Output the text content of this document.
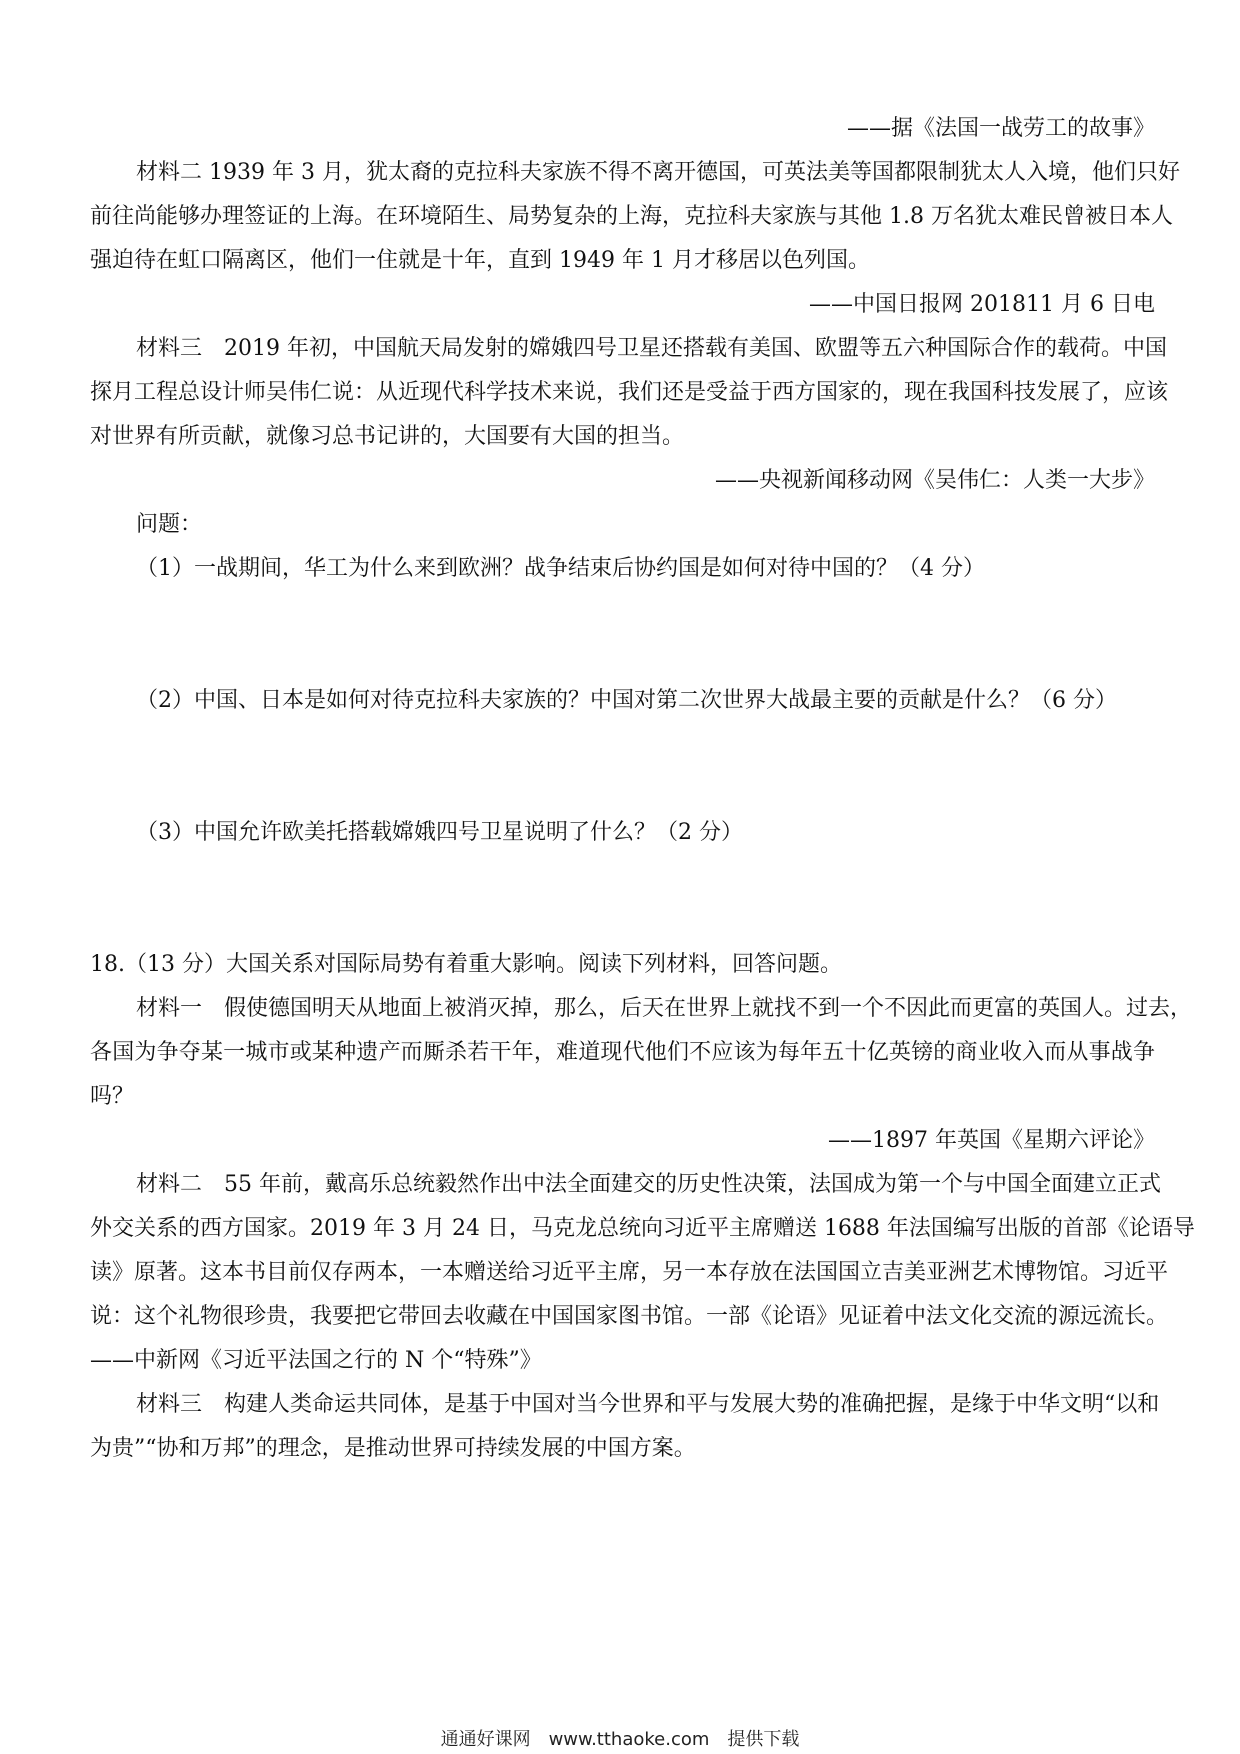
——据《法国一战劳工的故事》
材料二 1939 年 3 月，犹太裔的克拉科夫家族不得不离开德国，可英法美等国都限制犹太人入境，他们只好
前往尚能够办理签证的上海。在环境陌生、局势复杂的上海，克拉科夫家族与其他 1.8 万名犹太难民曾被日本人
强迫待在虹口隔离区，他们一住就是十年，直到 1949 年 1 月才移居以色列国。
——中国日报网 201811 月 6 日电
材料三　2019 年初，中国航天局发射的嫦娥四号卫星还搭载有美国、欧盟等五六种国际合作的载荷。中国
探月工程总设计师吴伟仁说：从近现代科学技术来说，我们还是受益于西方国家的，现在我国科技发展了，应该
对世界有所贡献，就像习总书记讲的，大国要有大国的担当。
——央视新闻移动网《吴伟仁：人类一大步》
问题：
（1）一战期间，华工为什么来到欧洲？战争结束后协约国是如何对待中国的？（4 分）
（2）中国、日本是如何对待克拉科夫家族的？中国对第二次世界大战最主要的贡献是什么？（6 分）
（3）中国允许欧美托搭载嫦娥四号卫星说明了什么？（2 分）
18.（13 分）大国关系对国际局势有着重大影响。阅读下列材料，回答问题。
材料一　假使德国明天从地面上被消灭掉，那么，后天在世界上就找不到一个不因此而更富的英国人。过去，
各国为争夺某一城市或某种遗产而厮杀若干年，难道现代他们不应该为每年五十亿英镑的商业收入而从事战争
吗？
——1897 年英国《星期六评论》
材料二　55 年前，戴高乐总统毅然作出中法全面建交的历史性决策，法国成为第一个与中国全面建立正式
外交关系的西方国家。2019 年 3 月 24 日，马克龙总统向习近平主席赠送 1688 年法国编写出版的首部《论语导
读》原著。这本书目前仅存两本，一本赠送给习近平主席，另一本存放在法国国立吉美亚洲艺术博物馆。习近平
说：这个礼物很珍贵，我要把它带回去收藏在中国国家图书馆。一部《论语》见证着中法文化交流的源远流长。
——中新网《习近平法国之行的 N 个“特殊”》
材料三　构建人类命运共同体，是基于中国对当今世界和平与发展大势的准确把握，是缘于中华文明“以和
为贵”“协和万邦”的理念，是推动世界可持续发展的中国方案。
通通好课网　www.tthaoke.com　提供下载
